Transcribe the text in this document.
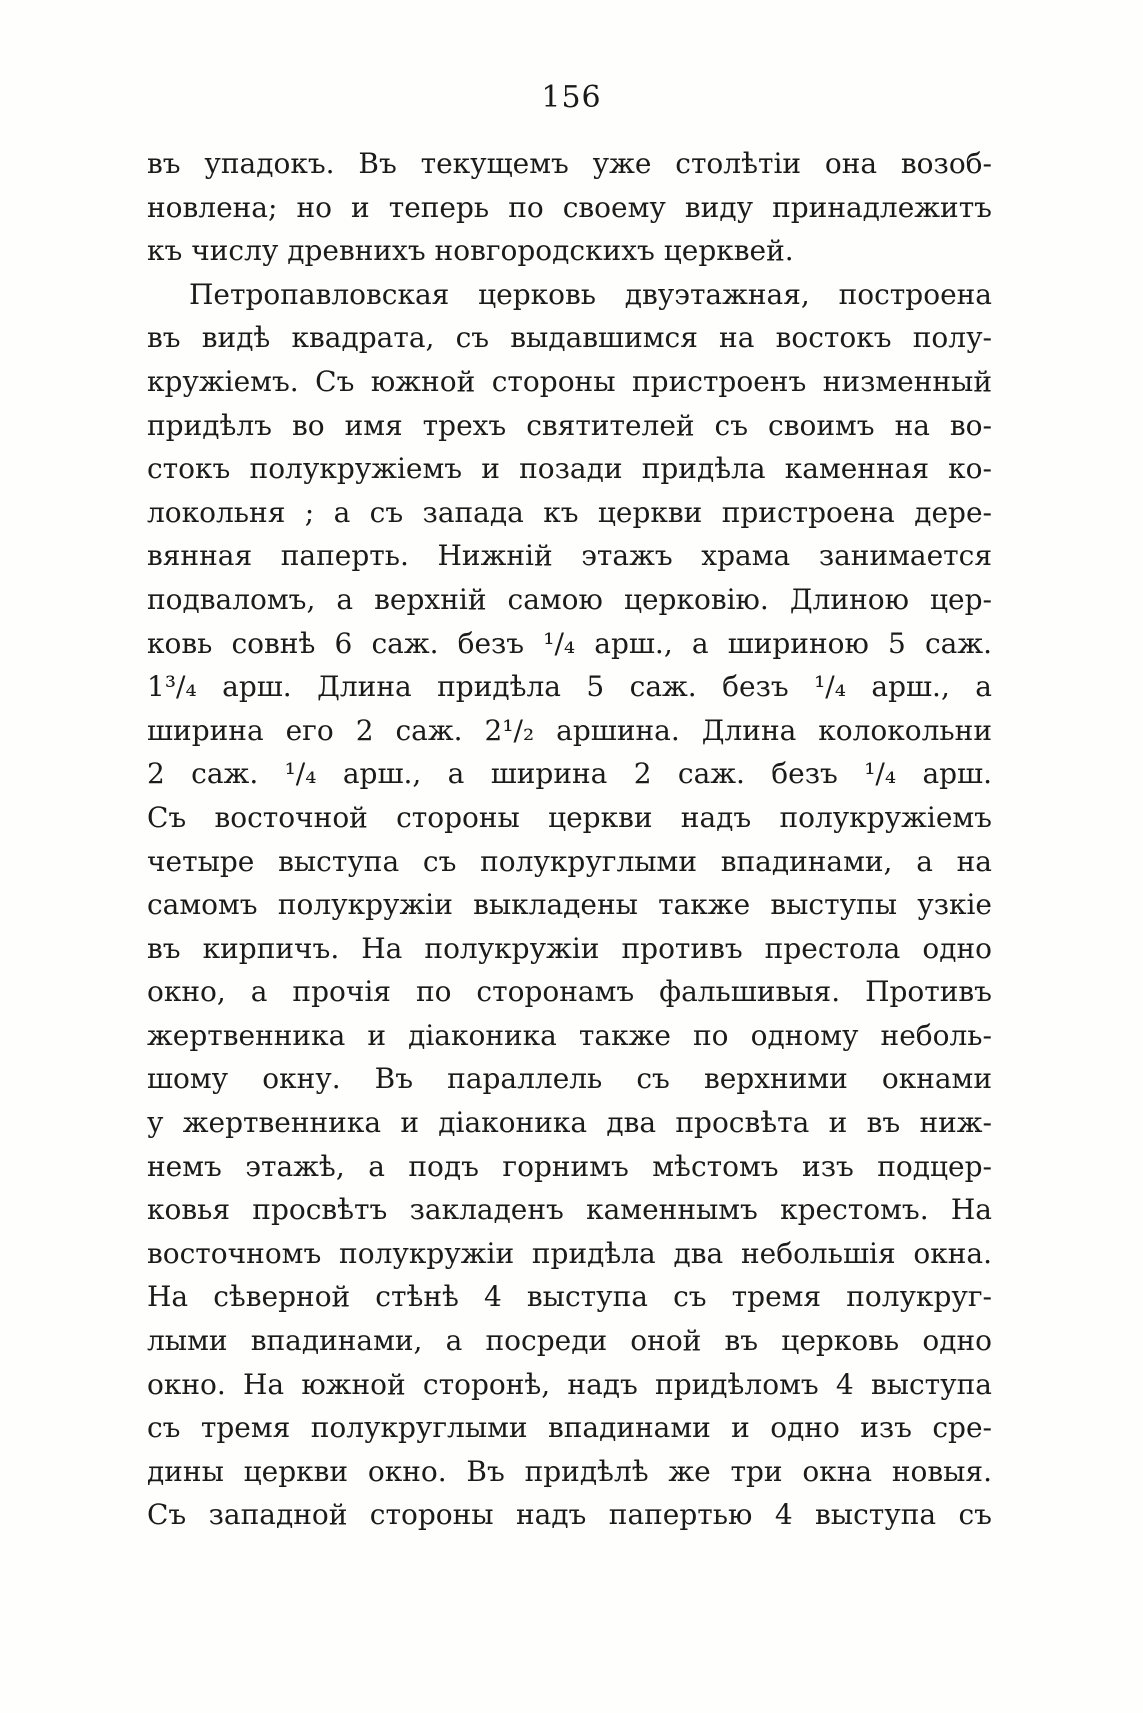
156
въ упадокъ. Въ текущемъ уже столѣтіи она возоб-
новлена; но и теперь по своему виду принадлежитъ
къ числу древнихъ новгородскихъ церквей.
Петропавловская церковь двуэтажная, построена
въ видѣ квадрата, съ выдавшимся на востокъ полу-
кружіемъ. Съ южной стороны пристроенъ низменный
придѣлъ во имя трехъ святителей съ своимъ на во-
стокъ полукружіемъ и позади придѣла каменная ко-
локольня ; а съ запада къ церкви пристроена дере-
вянная паперть. Нижній этажъ храма занимается
подваломъ, а верхній самою церковію. Длиною цер-
ковь совнѣ 6 саж. безъ ¹/₄ арш., а шириною 5 саж.
1³/₄ арш. Длина придѣла 5 саж. безъ ¹/₄ арш., а
ширина его 2 саж. 2¹/₂ аршина. Длина колокольни
2 саж. ¹/₄ арш., а ширина 2 саж. безъ ¹/₄ арш.
Съ восточной стороны церкви надъ полукружіемъ
четыре выступа съ полукруглыми впадинами, а на
самомъ полукружіи выкладены также выступы узкіе
въ кирпичъ. На полукружіи противъ престола одно
окно, а прочія по сторонамъ фальшивыя. Противъ
жертвенника и діаконика также по одному неболь-
шому окну. Въ параллель съ верхними окнами
у жертвенника и діаконика два просвѣта и въ ниж-
немъ этажѣ, а подъ горнимъ мѣстомъ изъ подцер-
ковья просвѣтъ закладенъ каменнымъ крестомъ. На
восточномъ полукружіи придѣла два небольшія окна.
На сѣверной стѣнѣ 4 выступа съ тремя полукруг-
лыми впадинами, а посреди оной въ церковь одно
окно. На южной сторонѣ, надъ придѣломъ 4 выступа
съ тремя полукруглыми впадинами и одно изъ сре-
дины церкви окно. Въ придѣлѣ же три окна новыя.
Съ западной стороны надъ папертью 4 выступа съ
